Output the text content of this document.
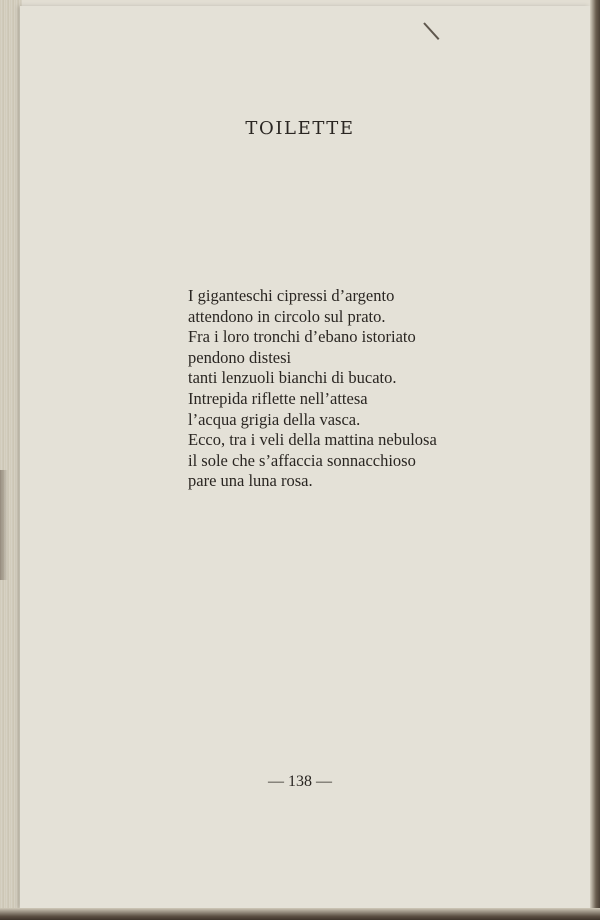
TOILETTE
I giganteschi cipressi d’argento
attendono in circolo sul prato.
Fra i loro tronchi d’ebano istoriato
pendono distesi
tanti lenzuoli bianchi di bucato.
Intrepida riflette nell’attesa
l’acqua grigia della vasca.
Ecco, tra i veli della mattina nebulosa
il sole che s’affaccia sonnacchioso
pare una luna rosa.
— 138 —
